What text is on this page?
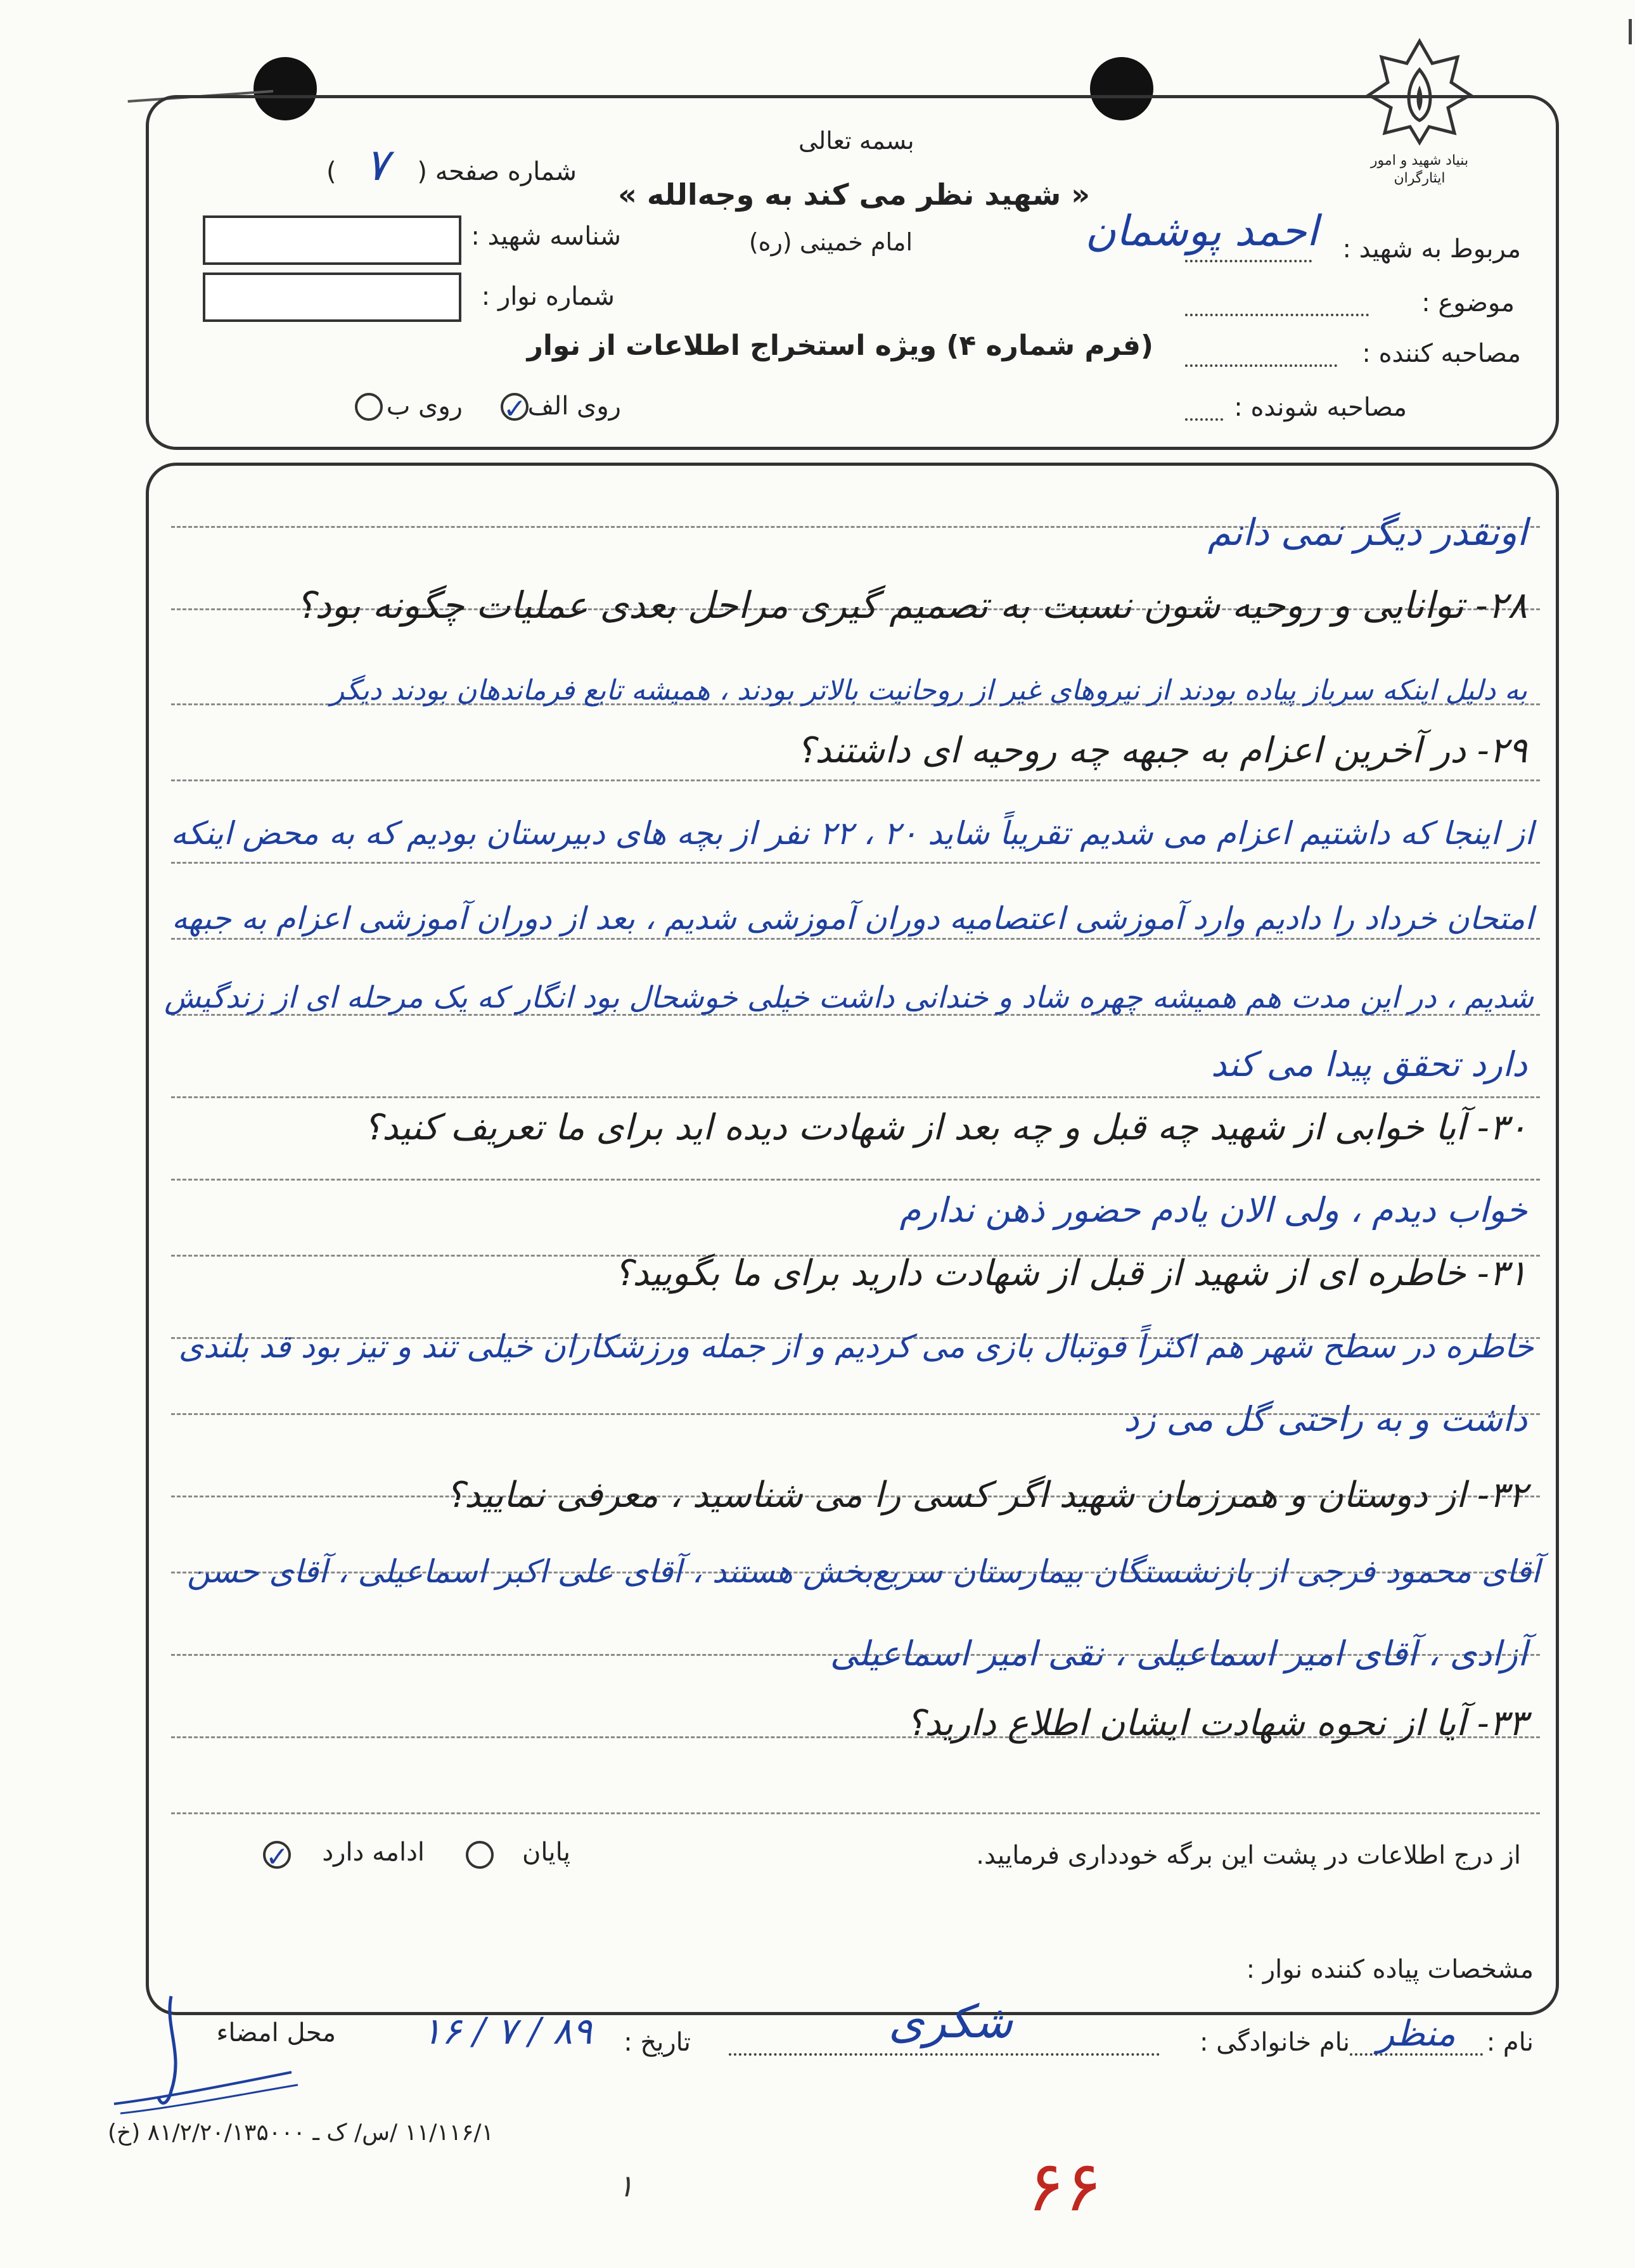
بنیاد شهید و امور ایثارگران
بسمه تعالی
« شهید نظر می کند به وجه‌الله »
امام خمینی (ره)
(فرم شماره ۴) ویژه استخراج اطلاعات از نوار
شماره صفحه ( ۷ )
شناسه شهید :
شماره نوار :
مربوط به شهید :
احمد پوشمان
موضوع :
مصاحبه کننده :
مصاحبه شونده :
روی ب ✓ روی الف
اونقدر دیگر نمی دانم
۲۸- توانایی و روحیه شون نسبت به تصمیم گیری مراحل بعدی عملیات چگونه بود؟
به دلیل اینکه سرباز پیاده بودند از نیروهای غیر از روحانیت بالاتر بودند ، همیشه تابع فرماندهان بودند دیگر
۲۹- در آخرین اعزام به جبهه چه روحیه ای داشتند؟
از اینجا که داشتیم اعزام می شدیم تقریباً شاید ۲۰ ، ۲۲ نفر از بچه های دبیرستان بودیم که به محض اینکه
امتحان خرداد را دادیم وارد آموزشی اعتصامیه دوران آموزشی شدیم ، بعد از دوران آموزشی اعزام به جبهه
شدیم ، در این مدت هم همیشه چهره شاد و خندانی داشت خیلی خوشحال بود انگار که یک مرحله ای از زندگیش
دارد تحقق پیدا می کند
۳۰- آیا خوابی از شهید چه قبل و چه بعد از شهادت دیده اید برای ما تعریف کنید؟
خواب دیدم ، ولی الان یادم حضور ذهن ندارم
۳۱- خاطره ای از شهید از قبل از شهادت دارید برای ما بگویید؟
خاطره در سطح شهر هم اکثراً فوتبال بازی می کردیم و از جمله ورزشکاران خیلی تند و تیز بود قد بلندی
داشت و به راحتی گل می زد
۳۲- از دوستان و همرزمان شهید اگر کسی را می شناسید ، معرفی نمایید؟
آقای محمود فرجی از بازنشستگان بیمارستان سریع‌بخش هستند ، آقای علی اکبر اسماعیلی ، آقای حسن
آزادی ، آقای امیر اسماعیلی ، نقی امیر اسماعیلی
۳۳- آیا از نحوه شهادت ایشان اطلاع دارید؟
از درج اطلاعات در پشت این برگه خودداری فرمایید.
پایان
ادامه دارد
✓
مشخصات پیاده کننده نوار :
نام :
منظر
نام خانوادگی :
شکری
تاریخ :
۸۹ / ۷ / ۱۶
محل امضاء
۱۱/۱۱۶/۱ /س/ ک ـ ۸۱/۲/۲۰/۱۳۵۰۰۰ (خ)
۱	۶۶
